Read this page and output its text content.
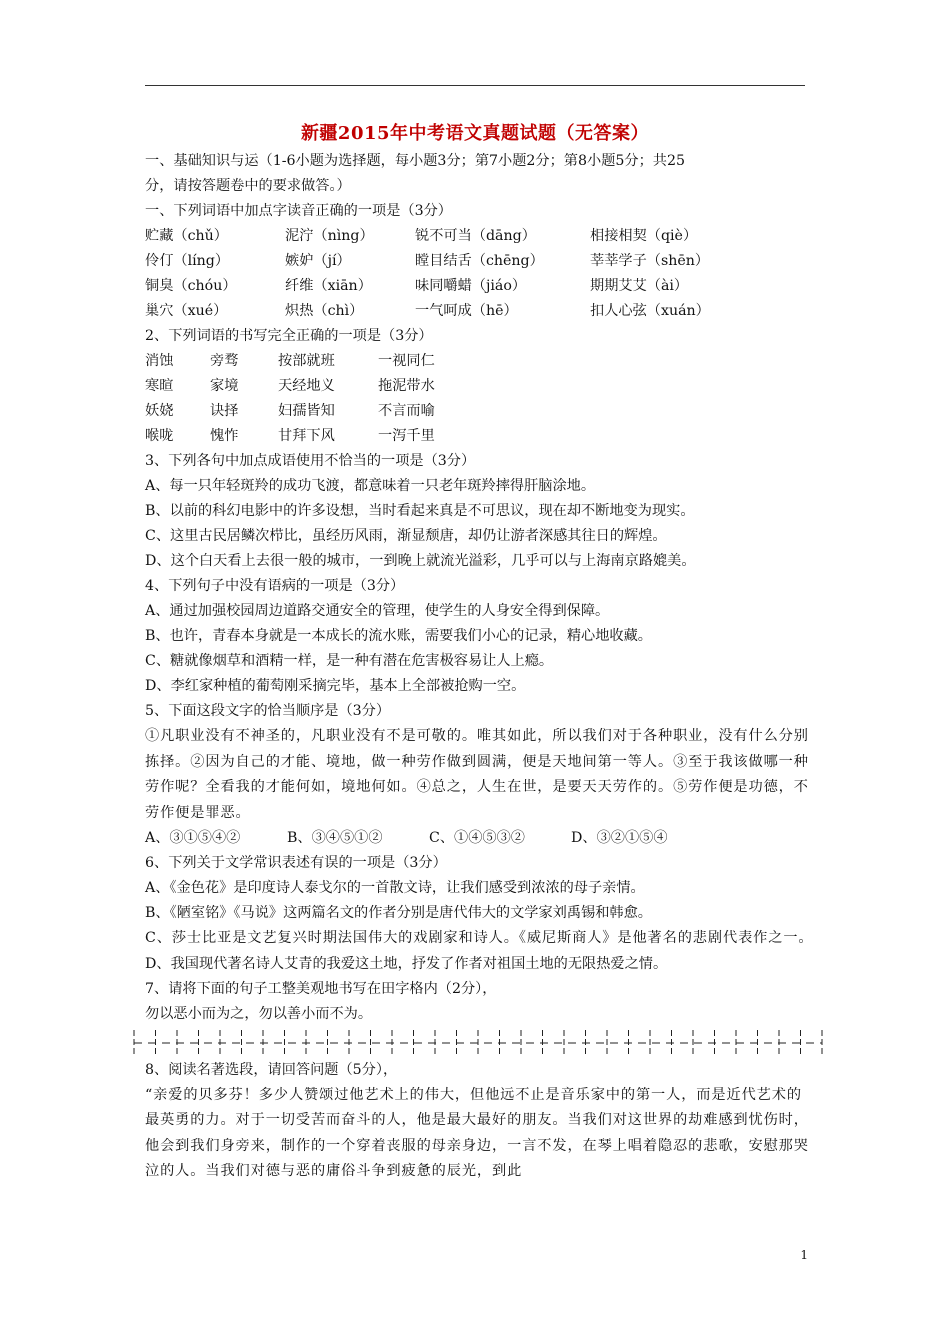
新疆2015年中考语文真题试题（无答案）
一、基础知识与运（1-6小题为选择题，每小题3分；第7小题2分；第8小题5分；共25
分，请按答题卷中的要求做答。）
一、下列词语中加点字读音正确的一项是（3分）
贮藏（chǔ）	泥泞（nìng）	锐不可当（dāng）	相接相契（qiè）
伶仃（líng）	嫉妒（jí）	瞠目结舌（chēng）	莘莘学子（shēn）
铜臭（chóu）	纤维（xiān）	味同嚼蜡（jiáo）	期期艾艾（ài）
巢穴（xué）	炽热（chì）	一气呵成（hē）	扣人心弦（xuán）
2、下列词语的书写完全正确的一项是（3分）
消蚀	旁骛	按部就班	一视同仁
寒暄	家境	天经地义	拖泥带水
妖娆	诀择	妇孺皆知	不言而喻
喉咙	愧怍	甘拜下风	一泻千里
3、下列各句中加点成语使用不恰当的一项是（3分）
A、每一只年轻斑羚的成功飞渡，都意味着一只老年斑羚摔得肝脑涂地。
B、以前的科幻电影中的许多设想，当时看起来真是不可思议，现在却不断地变为现实。
C、这里古民居鳞次栉比，虽经历风雨，渐显颓唐，却仍让游者深感其往日的辉煌。
D、这个白天看上去很一般的城市，一到晚上就流光溢彩，几乎可以与上海南京路媲美。
4、下列句子中没有语病的一项是（3分）
A、通过加强校园周边道路交通安全的管理，使学生的人身安全得到保障。
B、也许，青春本身就是一本成长的流水账，需要我们小心的记录，精心地收藏。
C、糖就像烟草和酒精一样，是一种有潜在危害极容易让人上瘾。
D、李红家种植的葡萄刚采摘完毕，基本上全部被抢购一空。
5、下面这段文字的恰当顺序是（3分）
①凡职业没有不神圣的，凡职业没有不是可敬的。唯其如此，所以我们对于各种职业，没有什么分别拣择。②因为自己的才能、境地，做一种劳作做到圆满，便是天地间第一等人。③至于我该做哪一种劳作呢？全看我的才能何如，境地何如。④总之，人生在世，是要天天劳作的。⑤劳作便是功德，不劳作便是罪恶。
A、③①⑤④②	B、③④⑤①②	C、①④⑤③②	D、③②①⑤④
6、下列关于文学常识表述有误的一项是（3分）
A、《金色花》是印度诗人泰戈尔的一首散文诗，让我们感受到浓浓的母子亲情。
B、《陋室铭》《马说》这两篇名文的作者分别是唐代伟大的文学家刘禹锡和韩愈。
C、莎士比亚是文艺复兴时期法国伟大的戏剧家和诗人。《威尼斯商人》是他著名的悲剧代表作之一。
D、我国现代著名诗人艾青的我爱这土地，抒发了作者对祖国土地的无限热爱之情。
7、请将下面的句子工整美观地书写在田字格内（2分），
勿以恶小而为之，勿以善小而不为。
8、阅读名著选段，请回答问题（5分），
“亲爱的贝多芬！多少人赞颂过他艺术上的伟大，但他远不止是音乐家中的第一人，而是近代艺术的最英勇的力。对于一切受苦而奋斗的人，他是最大最好的朋友。当我们对这世界的劫难感到忧伤时，他会到我们身旁来，制作的一个穿着丧服的母亲身边，一言不发，在琴上唱着隐忍的悲歌，安慰那哭泣的人。当我们对德与恶的庸俗斗争到疲惫的辰光，到此
1
